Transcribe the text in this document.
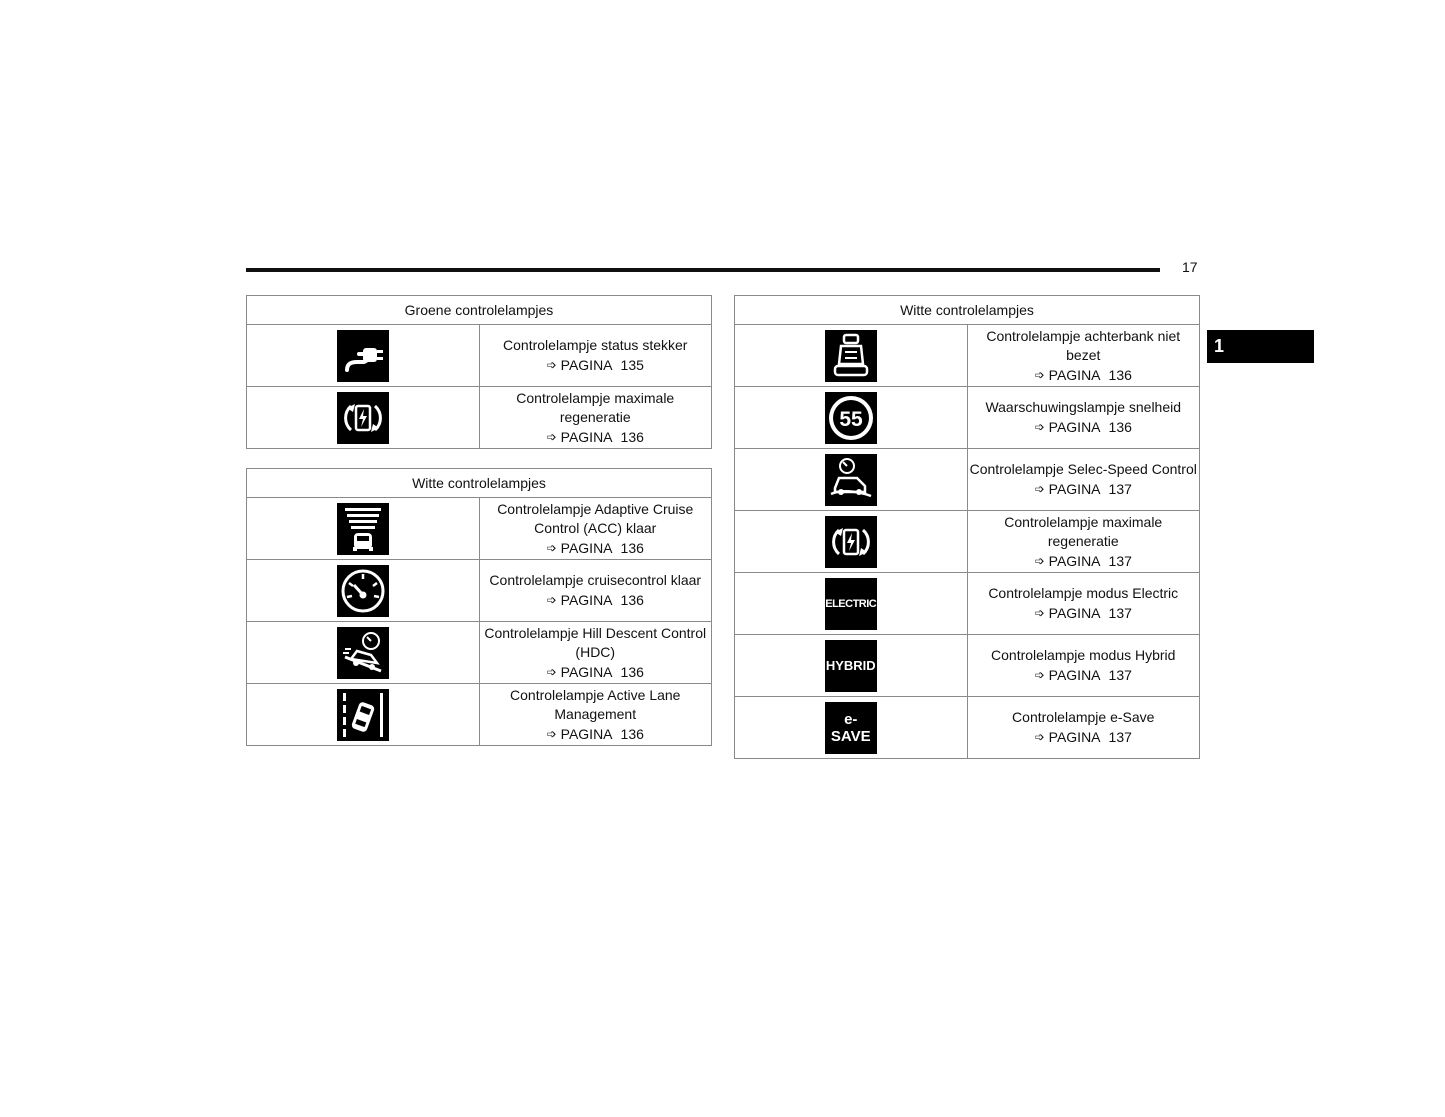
17
1
Groene controlelampjes	

Controlelampje status stekker
➩ PAGINA 135

Controlelampje maximale regeneratie
➩ PAGINA 136
Witte controlelampjes	

Controlelampje Adaptive Cruise Control (ACC) klaar
➩ PAGINA 136

Controlelampje cruisecontrol klaar
➩ PAGINA 136

Controlelampje Hill Descent Control (HDC)
➩ PAGINA 136

Controlelampje Active Lane Management
➩ PAGINA 136
Witte controlelampjes	

Controlelampje achterbank niet bezet
➩ PAGINA 136

55	Waarschuwingslampje snelheid
➩ PAGINA 136

Controlelampje Selec-Speed Control
➩ PAGINA 137

Controlelampje maximale regeneratie
➩ PAGINA 137

ELECTRIC	Controlelampje modus Electric
➩ PAGINA 137

HYBRID	Controlelampje modus Hybrid
➩ PAGINA 137

e-SAVE	Controlelampje e-Save
➩ PAGINA 137
